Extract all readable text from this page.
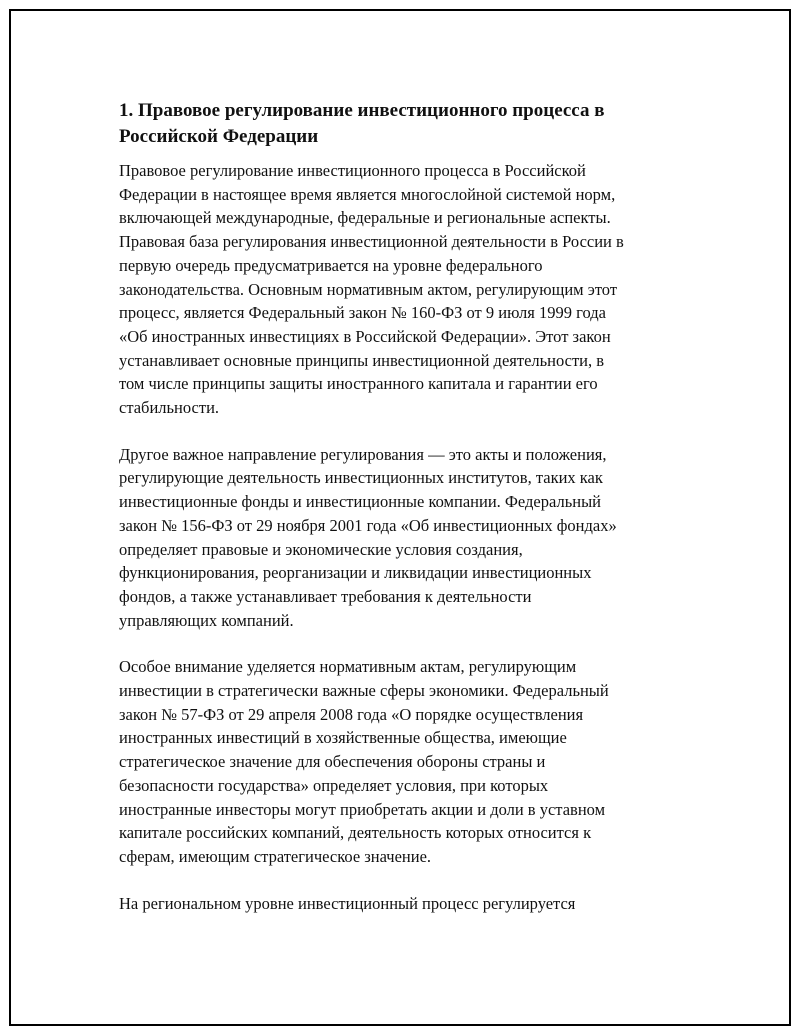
1. Правовое регулирование инвестиционного процесса в
Российской Федерации

Правовое регулирование инвестиционного процесса в Российской
Федерации в настоящее время является многослойной системой норм,
включающей международные, федеральные и региональные аспекты.
Правовая база регулирования инвестиционной деятельности в России в
первую очередь предусматривается на уровне федерального
законодательства. Основным нормативным актом, регулирующим этот
процесс, является Федеральный закон № 160-ФЗ от 9 июля 1999 года
«Об иностранных инвестициях в Российской Федерации». Этот закон
устанавливает основные принципы инвестиционной деятельности, в
том числе принципы защиты иностранного капитала и гарантии его
стабильности.

Другое важное направление регулирования — это акты и положения,
регулирующие деятельность инвестиционных институтов, таких как
инвестиционные фонды и инвестиционные компании. Федеральный
закон № 156-ФЗ от 29 ноября 2001 года «Об инвестиционных фондах»
определяет правовые и экономические условия создания,
функционирования, реорганизации и ликвидации инвестиционных
фондов, а также устанавливает требования к деятельности
управляющих компаний.

Особое внимание уделяется нормативным актам, регулирующим
инвестиции в стратегически важные сферы экономики. Федеральный
закон № 57-ФЗ от 29 апреля 2008 года «О порядке осуществления
иностранных инвестиций в хозяйственные общества, имеющие
стратегическое значение для обеспечения обороны страны и
безопасности государства» определяет условия, при которых
иностранные инвесторы могут приобретать акции и доли в уставном
капитале российских компаний, деятельность которых относится к
сферам, имеющим стратегическое значение.

На региональном уровне инвестиционный процесс регулируется
